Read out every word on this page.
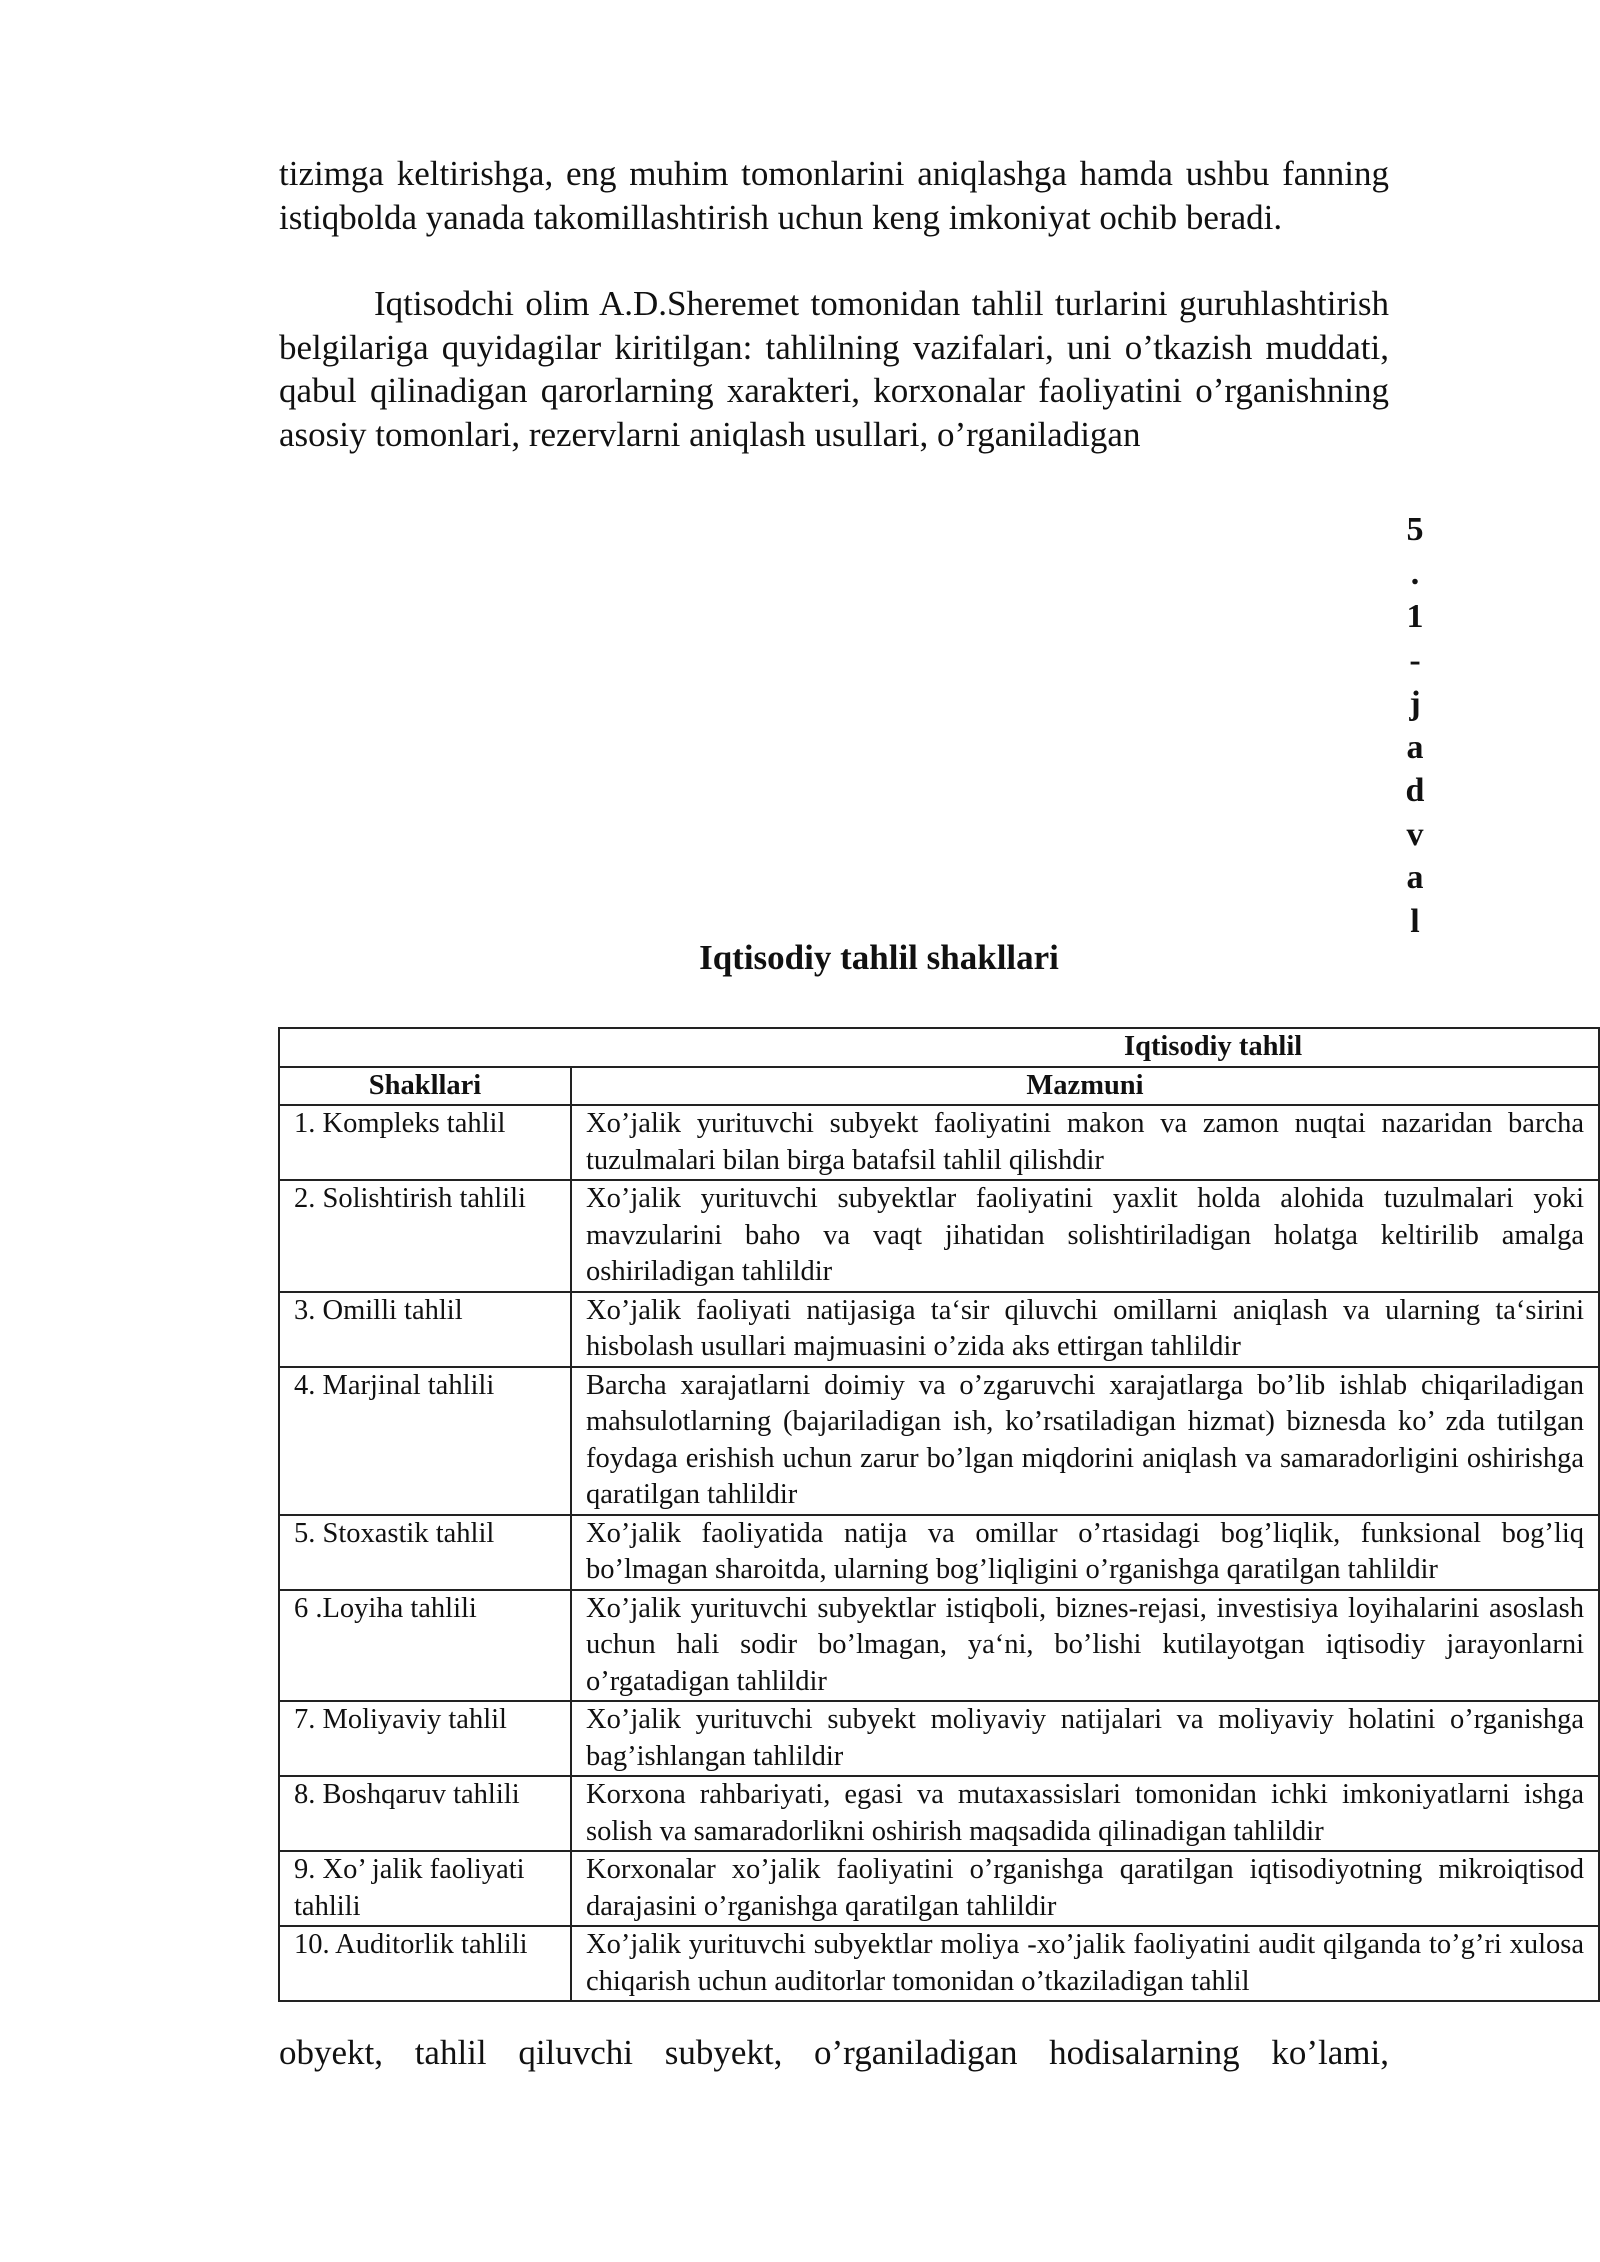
tizimga keltirishga, eng muhim tomonlarini aniqlashga hamda ushbu fanning istiqbolda yanada takomillashtirish uchun keng imkoniyat ochib beradi.

Iqtisodchi olim A.D.Sheremet tomonidan tahlil turlarini guruhlashtirish belgilariga quyidagilar kiritilgan: tahlilning vazifalari, uni o’tkazish muddati, qabul qilinadigan qarorlarning xarakteri, korxonalar faoliyatini o’rganishning asosiy tomonlari, rezervlarni aniqlash usullari, o’rganiladigan

5
.
1
-
j
a
d
v
a
l
Iqtisodiy tahlil shakllari
	Iqtisodiy tahlil
Shakllari	Mazmuni
1. Kompleks tahlil	Xo’jalik yurituvchi subyekt faoliyatini makon va zamon nuqtai nazaridan barcha tuzulmalari bilan birga batafsil tahlil qilishdir
2. Solishtirish tahlili	Xo’jalik yurituvchi subyektlar faoliyatini yaxlit holda alohida tuzulmalari yoki mavzularini baho va vaqt jihatidan solishtiriladigan holatga keltirilib amalga oshiriladigan tahlildir
3. Omilli tahlil	Xo’jalik faoliyati natijasiga ta‘sir qiluvchi omillarni aniqlash va ularning ta‘sirini hisbolash usullari majmuasini o’zida aks ettirgan tahlildir
4. Marjinal tahlili	Barcha xarajatlarni doimiy va o’zgaruvchi xarajatlarga bo’lib ishlab chiqariladigan mahsulotlarning (bajariladigan ish, ko’rsatiladigan hizmat) biznesda ko’ zda tutilgan foydaga erishish uchun zarur bo’lgan miqdorini aniqlash va samaradorligini oshirishga qaratilgan tahlildir
5. Stoxastik tahlil	Xo’jalik faoliyatida natija va omillar o’rtasidagi bog’liqlik, funksional bog’liq bo’lmagan sharoitda, ularning bog’liqligini o’rganishga qaratilgan tahlildir
6 .Loyiha tahlili	Xo’jalik yurituvchi subyektlar istiqboli, biznes-rejasi, investisiya loyihalarini asoslash uchun hali sodir bo’lmagan, ya‘ni, bo’lishi kutilayotgan iqtisodiy jarayonlarni o’rgatadigan tahlildir
7. Moliyaviy tahlil	Xo’jalik yurituvchi subyekt moliyaviy natijalari va moliyaviy holatini o’rganishga bag’ishlangan tahlildir
8. Boshqaruv tahlili	Korxona rahbariyati, egasi va mutaxassislari tomonidan ichki imkoniyatlarni ishga solish va samaradorlikni oshirish maqsadida qilinadigan tahlildir
9. Xo’ jalik faoliyati tahlili	Korxonalar xo’jalik faoliyatini o’rganishga qaratilgan iqtisodiyotning mikroiqtisod darajasini o’rganishga qaratilgan tahlildir
10. Auditorlik tahlili	Xo’jalik yurituvchi subyektlar moliya -xo’jalik faoliyatini audit qilganda to’g’ri xulosa chiqarish uchun auditorlar tomonidan o’tkaziladigan tahlil

obyekt, tahlil qiluvchi subyekt, o’rganiladigan hodisalarning ko’lami,
